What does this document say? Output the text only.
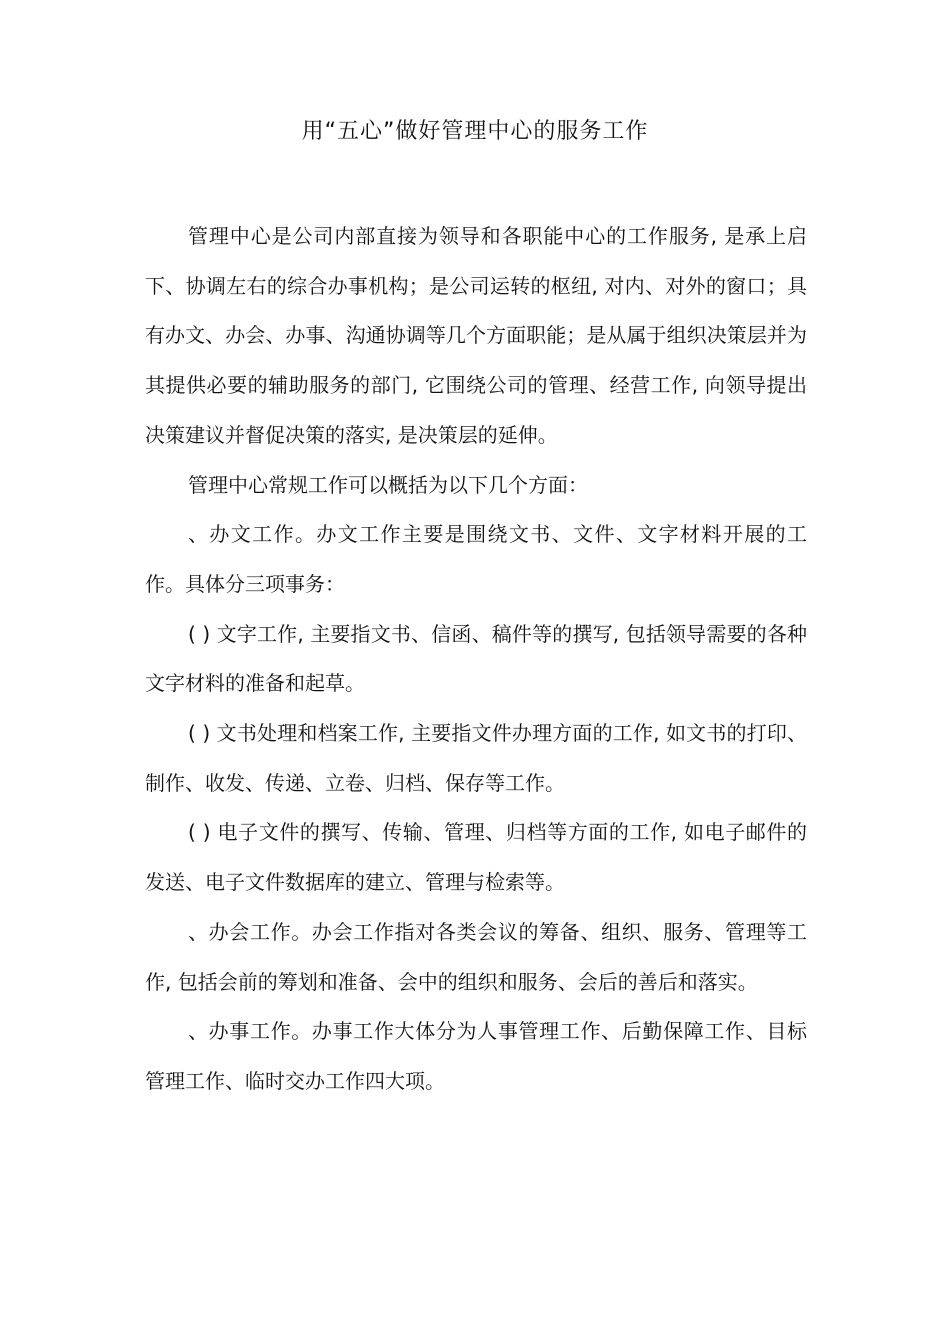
用“五心”做好管理中心的服务工作

管理中心是公司内部直接为领导和各职能中心的工作服务, 是承上启下、协调左右的综合办事机构；是公司运转的枢纽, 对内、对外的窗口；具有办文、办会、办事、沟通协调等几个方面职能；是从属于组织决策层并为其提供必要的辅助服务的部门, 它围绕公司的管理、经营工作, 向领导提出决策建议并督促决策的落实, 是决策层的延伸。

管理中心常规工作可以概括为以下几个方面：

、办文工作。办文工作主要是围绕文书、文件、文字材料开展的工作。具体分三项事务：

( ) 文字工作, 主要指文书、信函、稿件等的撰写, 包括领导需要的各种文字材料的准备和起草。

( ) 文书处理和档案工作, 主要指文件办理方面的工作, 如文书的打印、制作、收发、传递、立卷、归档、保存等工作。

( ) 电子文件的撰写、传输、管理、归档等方面的工作, 如电子邮件的发送、电子文件数据库的建立、管理与检索等。

、办会工作。办会工作指对各类会议的筹备、组织、服务、管理等工作, 包括会前的筹划和准备、会中的组织和服务、会后的善后和落实。

、办事工作。办事工作大体分为人事管理工作、后勤保障工作、目标管理工作、临时交办工作四大项。
